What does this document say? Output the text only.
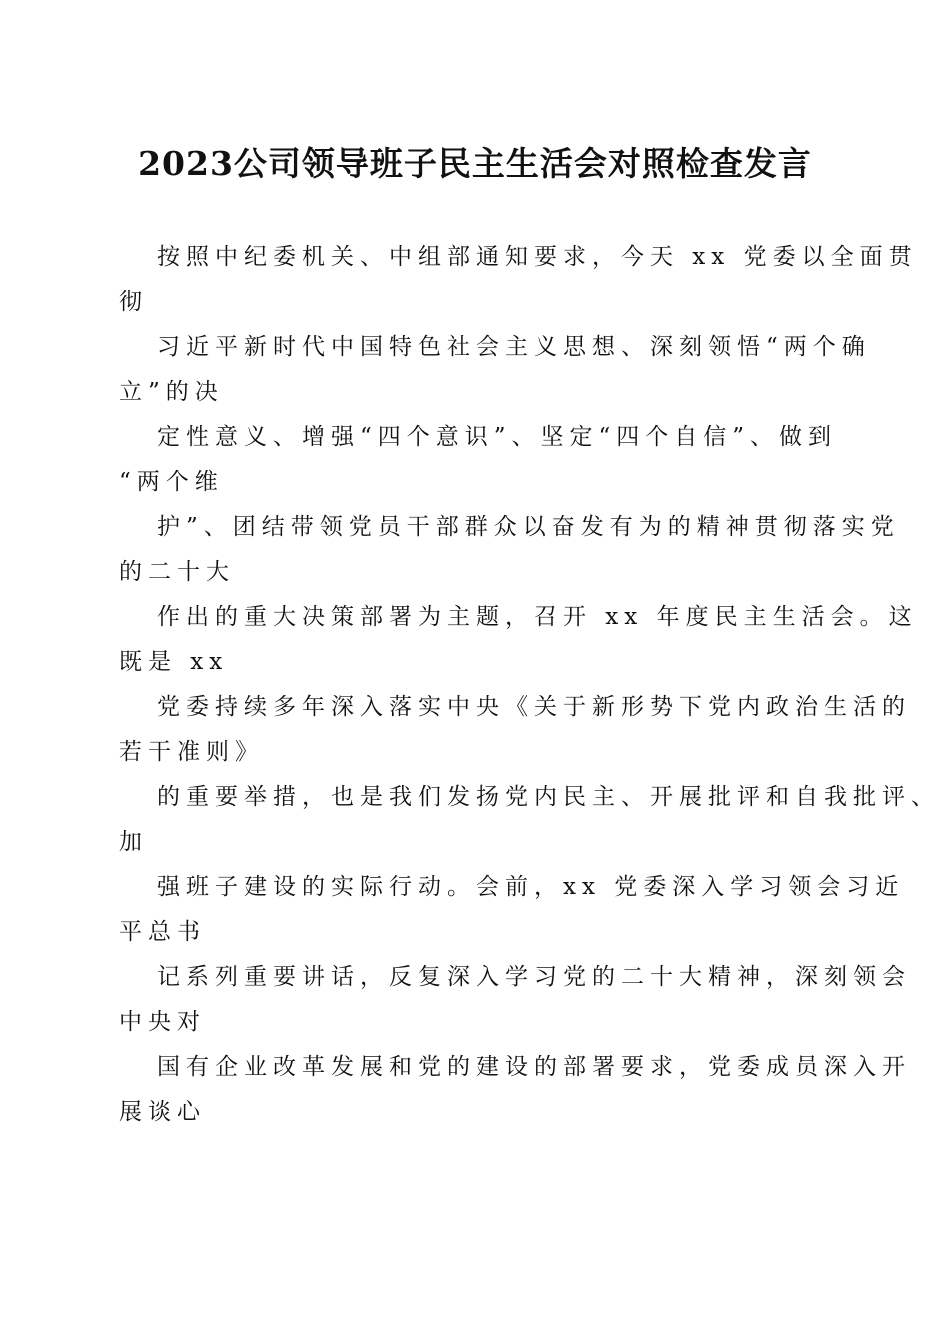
2023公司领导班子民主生活会对照检查发言
按照中纪委机关、中组部通知要求，今天 xx 党委以全面贯
彻
习近平新时代中国特色社会主义思想、深刻领悟“两个确
立”的决
定性意义、增强“四个意识”、坚定“四个自信”、做到
“两个维
护”、团结带领党员干部群众以奋发有为的精神贯彻落实党
的二十大
作出的重大决策部署为主题，召开 xx 年度民主生活会。这
既是 xx
党委持续多年深入落实中央《关于新形势下党内政治生活的
若干准则》
的重要举措，也是我们发扬党内民主、开展批评和自我批评、
加
强班子建设的实际行动。会前，xx 党委深入学习领会习近
平总书
记系列重要讲话，反复深入学习党的二十大精神，深刻领会
中央对
国有企业改革发展和党的建设的部署要求，党委成员深入开
展谈心
